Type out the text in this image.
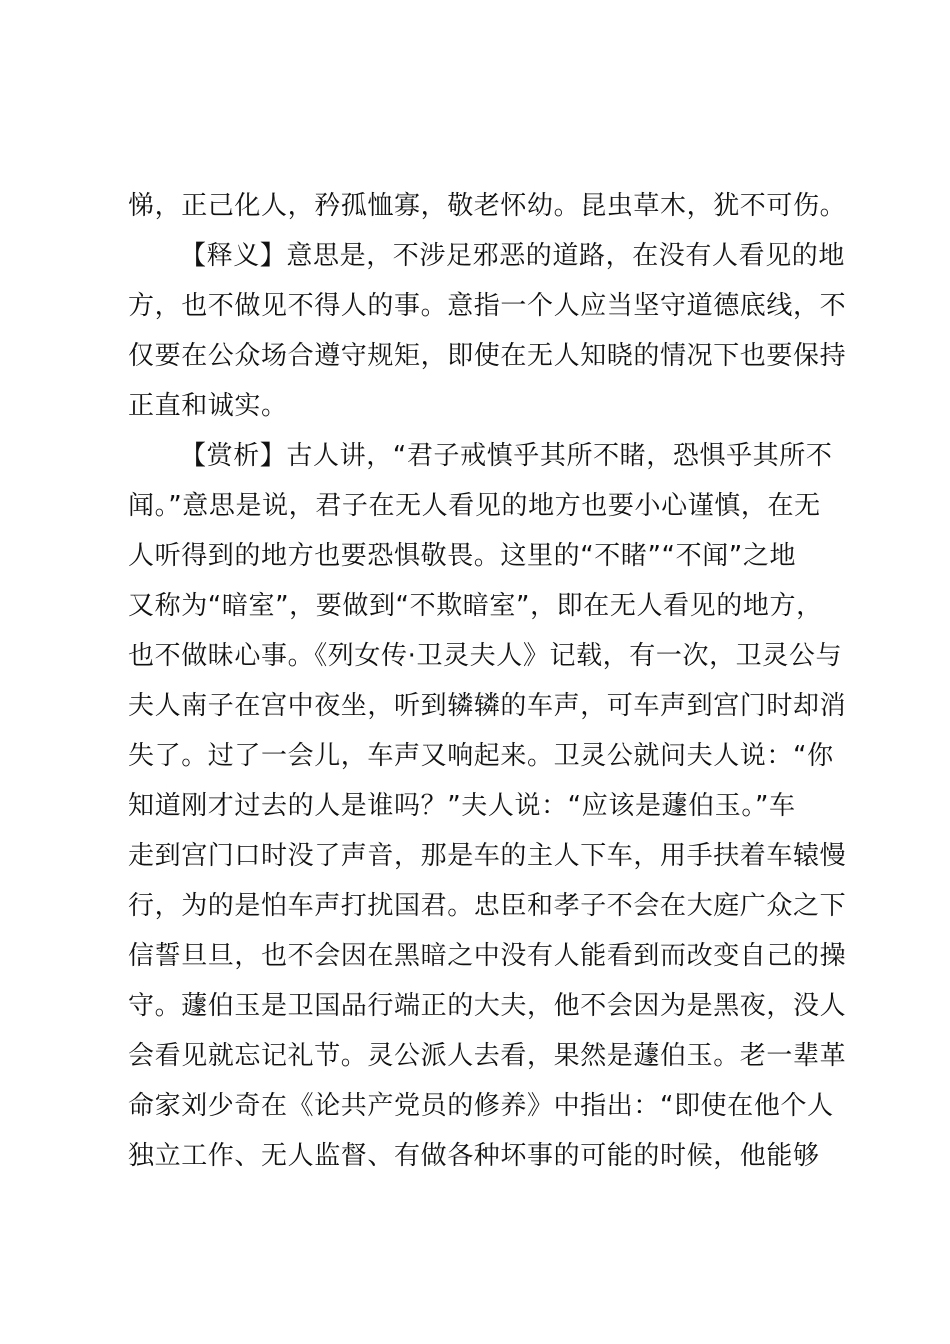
悌，正己化人，矜孤恤寡，敬老怀幼。昆虫草木，犹不可伤。
【释义】意思是，不涉足邪恶的道路，在没有人看见的地
方，也不做见不得人的事。意指一个人应当坚守道德底线，不
仅要在公众场合遵守规矩，即使在无人知晓的情况下也要保持
正直和诚实。
【赏析】古人讲，“君子戒慎乎其所不睹，恐惧乎其所不
闻。”意思是说，君子在无人看见的地方也要小心谨慎，在无
人听得到的地方也要恐惧敬畏。这里的“不睹”“不闻”之地
又称为“暗室”，要做到“不欺暗室”，即在无人看见的地方，
也不做昧心事。《列女传·卫灵夫人》记载，有一次，卫灵公与
夫人南子在宫中夜坐，听到辚辚的车声，可车声到宫门时却消
失了。过了一会儿，车声又响起来。卫灵公就问夫人说：“你
知道刚才过去的人是谁吗？”夫人说：“应该是蘧伯玉。”车
走到宫门口时没了声音，那是车的主人下车，用手扶着车辕慢
行，为的是怕车声打扰国君。忠臣和孝子不会在大庭广众之下
信誓旦旦，也不会因在黑暗之中没有人能看到而改变自己的操
守。蘧伯玉是卫国品行端正的大夫，他不会因为是黑夜，没人
会看见就忘记礼节。灵公派人去看，果然是蘧伯玉。老一辈革
命家刘少奇在《论共产党员的修养》中指出：“即使在他个人
独立工作、无人监督、有做各种坏事的可能的时候，他能够
